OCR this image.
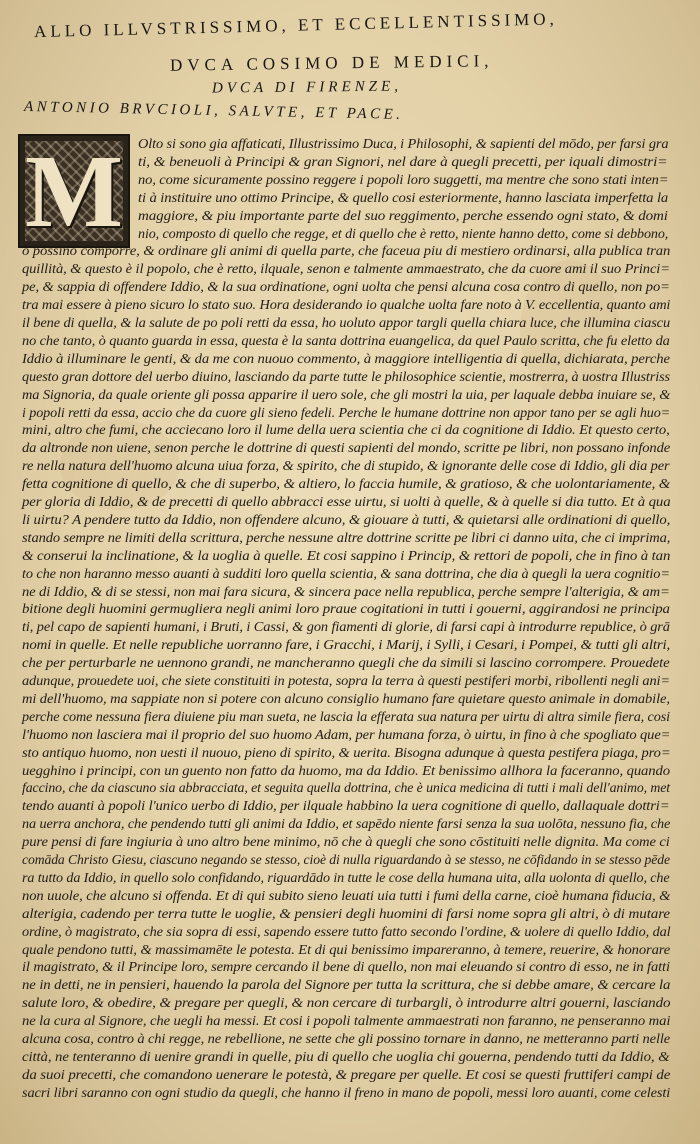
ALLO ILLVSTRISSIMO, ET ECCELLENTISSIMO,
DVCA COSIMO DE MEDICI,
DVCA DI FIRENZE,
ANTONIO BRVCIOLI, SALVTE, ET PACE.
M	Olto si sono gia affaticati, Illustrissimo Duca, i Philosophi, & sapienti del mōdo, per farsi gra
ti, & beneuoli à Principi & gran Signori, nel dare à quegli precetti, per iquali dimostri=
no, come sicuramente possino reggere i popoli loro suggetti, ma mentre che sono stati inten=
ti à instituire uno ottimo Principe, & quello cosi esteriormente, hanno lasciata imperfetta la
maggiore, & piu importante parte del suo reggimento, perche essendo ogni stato, & domi
nio, composto di quello che regge, et di quello che è retto, niente hanno detto, come si debbono,
ò possino comporre, & ordinare gli animi di quella parte, che faceua piu di mestiero ordinarsi, alla publica tran
quillità, & questo è il popolo, che è retto, ilquale, senon e talmente ammaestrato, che da cuore ami il suo Princi=
pe, & sappia di offendere Iddio, & la sua ordinatione, ogni uolta che pensi alcuna cosa contro di quello, non po=
tra mai essere à pieno sicuro lo stato suo. Hora desiderando io qualche uolta fare noto à V. eccellentia, quanto ami
il bene di quella, & la salute de po poli retti da essa, ho uoluto appor targli quella chiara luce, che illumina ciascu
no che tanto, ò quanto guarda in essa, questa è la santa dottrina euangelica, da quel Paulo scritta, che fu eletto da
Iddio à illuminare le genti, & da me con nuouo commento, à maggiore intelligentia di quella, dichiarata, perche
questo gran dottore del uerbo diuino, lasciando da parte tutte le philosophice scientie, mostrerra, à uostra Illustriss
ma Signoria, da quale oriente gli possa apparire il uero sole, che gli mostri la uia, per laquale debba inuiare se, &
i popoli retti da essa, accio che da cuore gli sieno fedeli. Perche le humane dottrine non appor tano per se agli huo=
mini, altro che fumi, che acciecano loro il lume della uera scientia che ci da cognitione di Iddio. Et questo certo,
da altronde non uiene, senon perche le dottrine di questi sapienti del mondo, scritte pe libri, non possano infonde
re nella natura dell'huomo alcuna uiua forza, & spirito, che di stupido, & ignorante delle cose di Iddio, gli dia per
fetta cognitione di quello, & che di superbo, & altiero, lo faccia humile, & gratioso, & che uolontariamente, &
per gloria di Iddio, & de precetti di quello abbracci esse uirtu, si uolti à quelle, & à quelle si dia tutto. Et à qua
li uirtu? A pendere tutto da Iddio, non offendere alcuno, & giouare à tutti, & quietarsi alle ordinationi di quello,
stando sempre ne limiti della scrittura, perche nessune altre dottrine scritte pe libri ci danno uita, che ci imprima,
& conserui la inclinatione, & la uoglia à quelle. Et cosi sappino i Princip, & rettori de popoli, che in fino à tan
to che non haranno messo auanti à sudditi loro quella scientia, & sana dottrina, che dia à quegli la uera cognitio=
ne di Iddio, & di se stessi, non mai fara sicura, & sincera pace nella republica, perche sempre l'alterigia, & am=
bitione degli huomini germugliera negli animi loro praue cogitationi in tutti i gouerni, aggirandosi ne principa
ti, pel capo de sapienti humani, i Bruti, i Cassi, & gon fiamenti di glorie, di farsi capi à introdurre republice, ò grā
nomi in quelle. Et nelle republiche uorranno fare, i Gracchi, i Marij, i Sylli, i Cesari, i Pompei, & tutti gli altri,
che per perturbarle ne uennono grandi, ne mancheranno quegli che da simili si lascino corrompere. Prouedete
adunque, prouedete uoi, che siete constituiti in potesta, sopra la terra à questi pestiferi morbi, ribollenti negli ani=
mi dell'huomo, ma sappiate non si potere con alcuno consiglio humano fare quietare questo animale in domabile,
perche come nessuna fiera diuiene piu man sueta, ne lascia la efferata sua natura per uirtu di altra simile fiera, cosi
l'huomo non lasciera mai il proprio del suo huomo Adam, per humana forza, ò uirtu, in fino à che spogliato que=
sto antiquo huomo, non uesti il nuouo, pieno di spirito, & uerita. Bisogna adunque à questa pestifera piaga, pro=
uegghino i principi, con un guento non fatto da huomo, ma da Iddio. Et benissimo allhora la faceranno, quando
faccino, che da ciascuno sia abbracciata, et seguita quella dottrina, che è unica medicina di tutti i mali dell'animo, met
tendo auanti à popoli l'unico uerbo di Iddio, per ilquale habbino la uera cognitione di quello, dallaquale dottri=
na uerra anchora, che pendendo tutti gli animi da Iddio, et sapēdo niente farsi senza la sua uolōta, nessuno fia, che
pure pensi di fare ingiuria à uno altro bene minimo, nō che à quegli che sono cōstituiti nelle dignita. Ma come ci
comāda Christo Giesu, ciascuno negando se stesso, cioè di nulla riguardando à se stesso, ne cōfidando in se stesso pēde
ra tutto da Iddio, in quello solo confidando, riguardādo in tutte le cose della humana uita, alla uolonta di quello, che
non uuole, che alcuno si offenda. Et di qui subito sieno leuati uia tutti i fumi della carne, cioè humana fiducia, &
alterigia, cadendo per terra tutte le uoglie, & pensieri degli huomini di farsi nome sopra gli altri, ò di mutare
ordine, ò magistrato, che sia sopra di essi, sapendo essere tutto fatto secondo l'ordine, & uolere di quello Iddio, dal
quale pendono tutti, & massimamēte le potesta. Et di qui benissimo impareranno, à temere, reuerire, & honorare
il magistrato, & il Principe loro, sempre cercando il bene di quello, non mai eleuando si contro di esso, ne in fatti
ne in detti, ne in pensieri, hauendo la parola del Signore per tutta la scrittura, che si debbe amare, & cercare la
salute loro, & obedire, & pregare per quegli, & non cercare di turbargli, ò introdurre altri gouerni, lasciando
ne la cura al Signore, che uegli ha messi. Et cosi i popoli talmente ammaestrati non faranno, ne penseranno mai
alcuna cosa, contro à chi regge, ne rebellione, ne sette che gli possino tornare in danno, ne metteranno parti nelle
città, ne tenteranno di uenire grandi in quelle, piu di quello che uoglia chi gouerna, pendendo tutti da Iddio, &
da suoi precetti, che comandono uenerare le potestà, & pregare per quelle. Et cosi se questi fruttiferi campi de
sacri libri saranno con ogni studio da quegli, che hanno il freno in mano de popoli, messi loro auanti, come celesti
